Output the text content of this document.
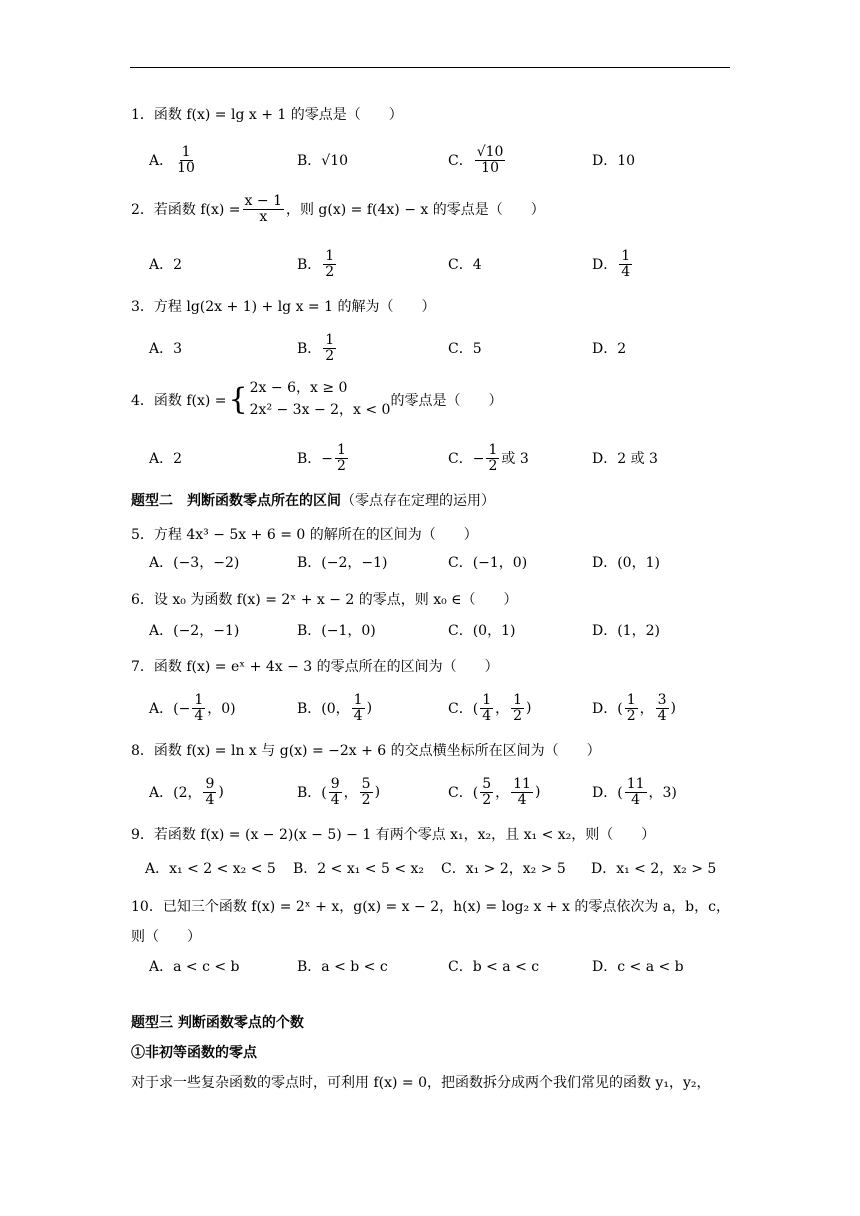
1．函数 f(x) = lg x + 1 的零点是（　　）
A． $\frac{1}{10}$	B．√10	C． $\frac{√10}{10}$	D．10
2．若函数 $f(x) = \frac{x - 1}{x}$ ，则 g(x) = f(4x) − x 的零点是（　　）
A．2	B． $\frac{1}{2}$	C．4	D． $\frac{1}{4}$
3．方程 lg(2x + 1) + lg x = 1 的解为（　　）
A．3	B． $\frac{1}{2}$	C．5	D．2
4．函数 f(x) = { 2x − 6，x ≥ 0
2x² − 3x − 2，x < 0
的零点是（　　）
A．2	B．− $\frac{1}{2}$	C．− $\frac{1}{2}$ 或 3	D．2 或 3
题型二　判断函数零点所在的区间（零点存在定理的运用）
5．方程 4x³ − 5x + 6 = 0 的解所在的区间为（　　）
A．(−3，−2)	B．(−2，−1)	C．(−1，0)	D．(0，1)
6．设 x₀ 为函数 f(x) = 2ˣ + x − 2 的零点，则 x₀ ∈（　　）
A．(−2，−1)	B．(−1，0)	C．(0，1)	D．(1，2)
7．函数 f(x) = eˣ + 4x − 3 的零点所在的区间为（　　）
A．(− $\frac{1}{4}$ ，0)	B．(0， $\frac{1}{4}$ )	C．( $\frac{1}{4}$ ， $\frac{1}{2}$ )	D．( $\frac{1}{2}$ ， $\frac{3}{4}$ )
8．函数 f(x) = ln x 与 g(x) = −2x + 6 的交点横坐标所在区间为（　　）
A．(2， $\frac{9}{4}$ )	B．( $\frac{9}{4}$ ， $\frac{5}{2}$ )	C．( $\frac{5}{2}$ ， $\frac{11}{4}$ )	D．( $\frac{11}{4}$ ，3)
9．若函数 f(x) = (x − 2)(x − 5) − 1 有两个零点 x₁，x₂，且 x₁ < x₂，则（　　）
A．x₁ < 2 < x₂ < 5 B．2 < x₁ < 5 < x₂ C．x₁ > 2，x₂ > 5 D．x₁ < 2，x₂ > 5
10．已知三个函数 f(x) = 2ˣ + x，g(x) = x − 2，h(x) = log₂ x + x 的零点依次为 a，b，c，
则（　　）
A．a < c < b	B．a < b < c	C．b < a < c	D．c < a < b
题型三 判断函数零点的个数
①非初等函数的零点
对于求一些复杂函数的零点时，可利用 f(x) = 0，把函数拆分成两个我们常见的函数 y₁，y₂，
